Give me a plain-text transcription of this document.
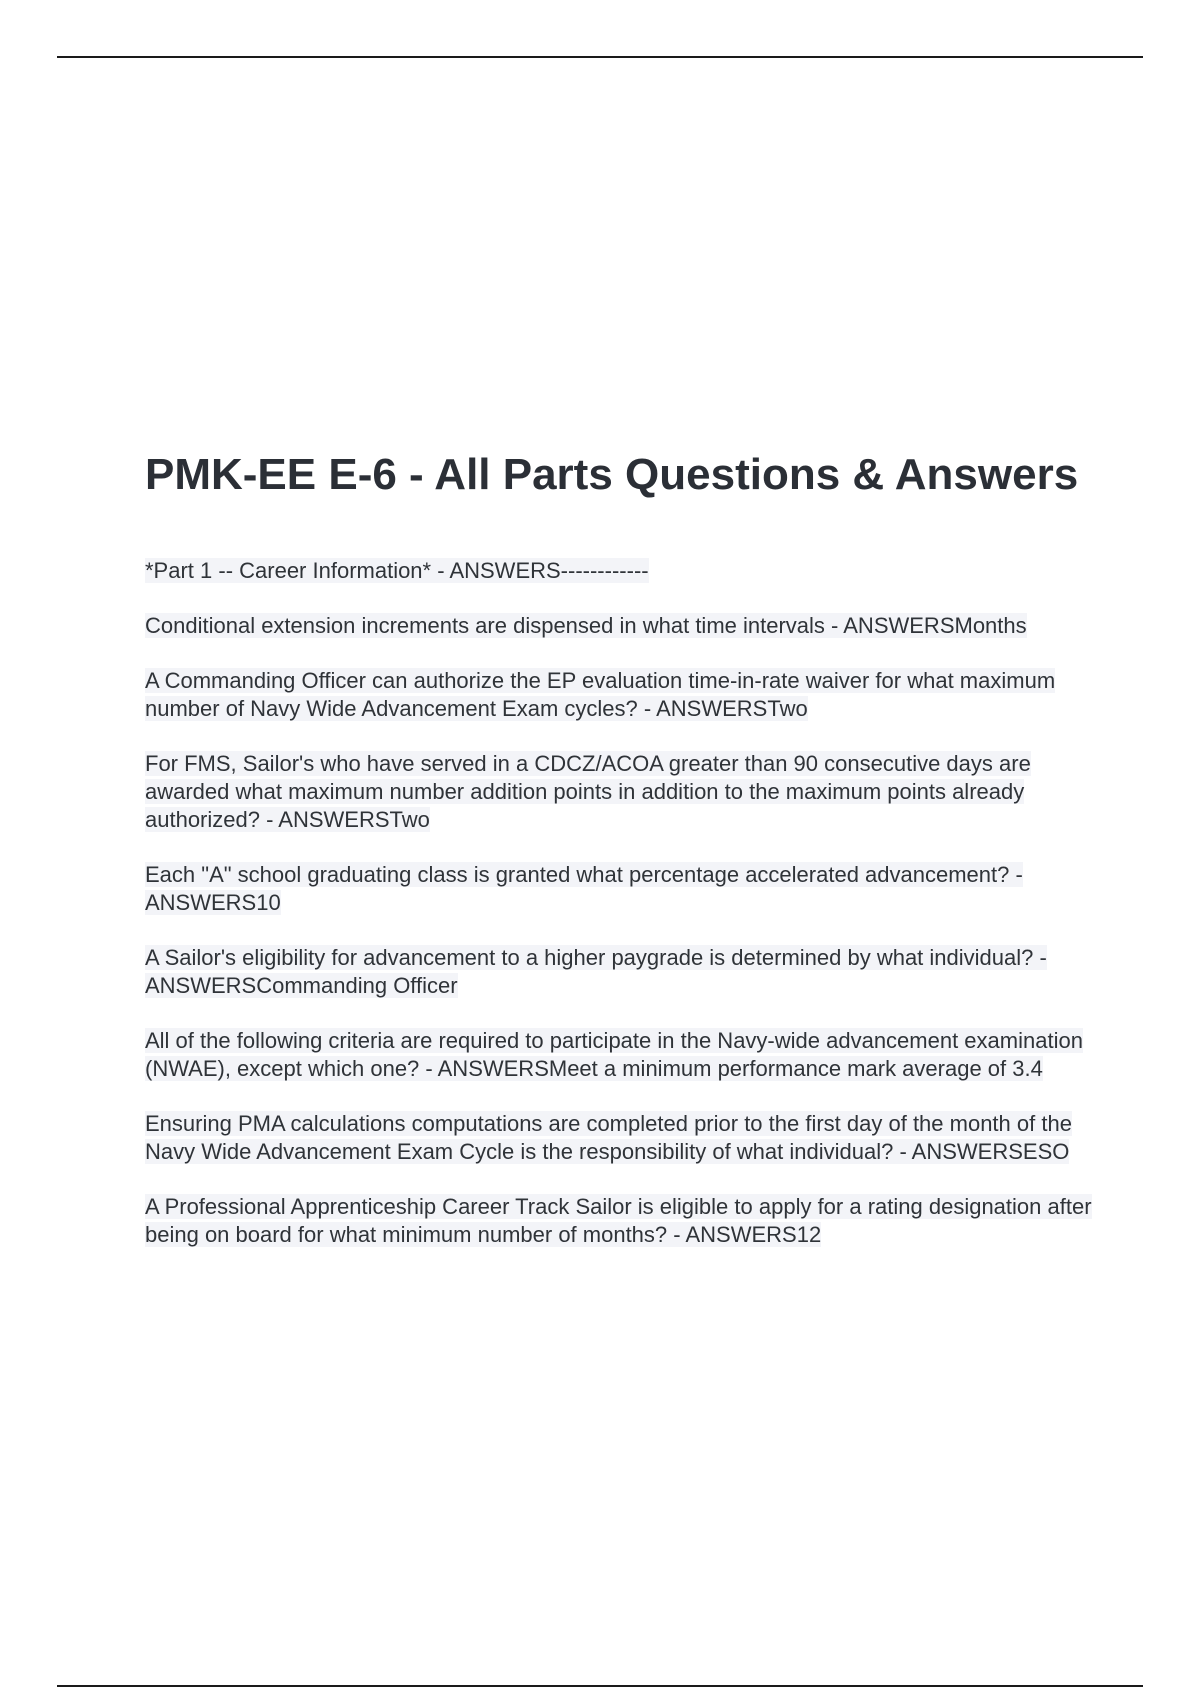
PMK-EE E-6 - All Parts Questions & Answers

*Part 1 -- Career Information* - ANSWERS------------

Conditional extension increments are dispensed in what time intervals - ANSWERSMonths

A Commanding Officer can authorize the EP evaluation time-in-rate waiver for what maximum number of Navy Wide Advancement Exam cycles? - ANSWERSTwo

For FMS, Sailor's who have served in a CDCZ/ACOA greater than 90 consecutive days are awarded what maximum number addition points in addition to the maximum points already authorized? - ANSWERSTwo

Each "A" school graduating class is granted what percentage accelerated advancement? - ANSWERS10

A Sailor's eligibility for advancement to a higher paygrade is determined by what individual? - ANSWERSCommanding Officer

All of the following criteria are required to participate in the Navy-wide advancement examination (NWAE), except which one? - ANSWERSMeet a minimum performance mark average of 3.4

Ensuring PMA calculations computations are completed prior to the first day of the month of the Navy Wide Advancement Exam Cycle is the responsibility of what individual? - ANSWERSESO

A Professional Apprenticeship Career Track Sailor is eligible to apply for a rating designation after being on board for what minimum number of months? - ANSWERS12
